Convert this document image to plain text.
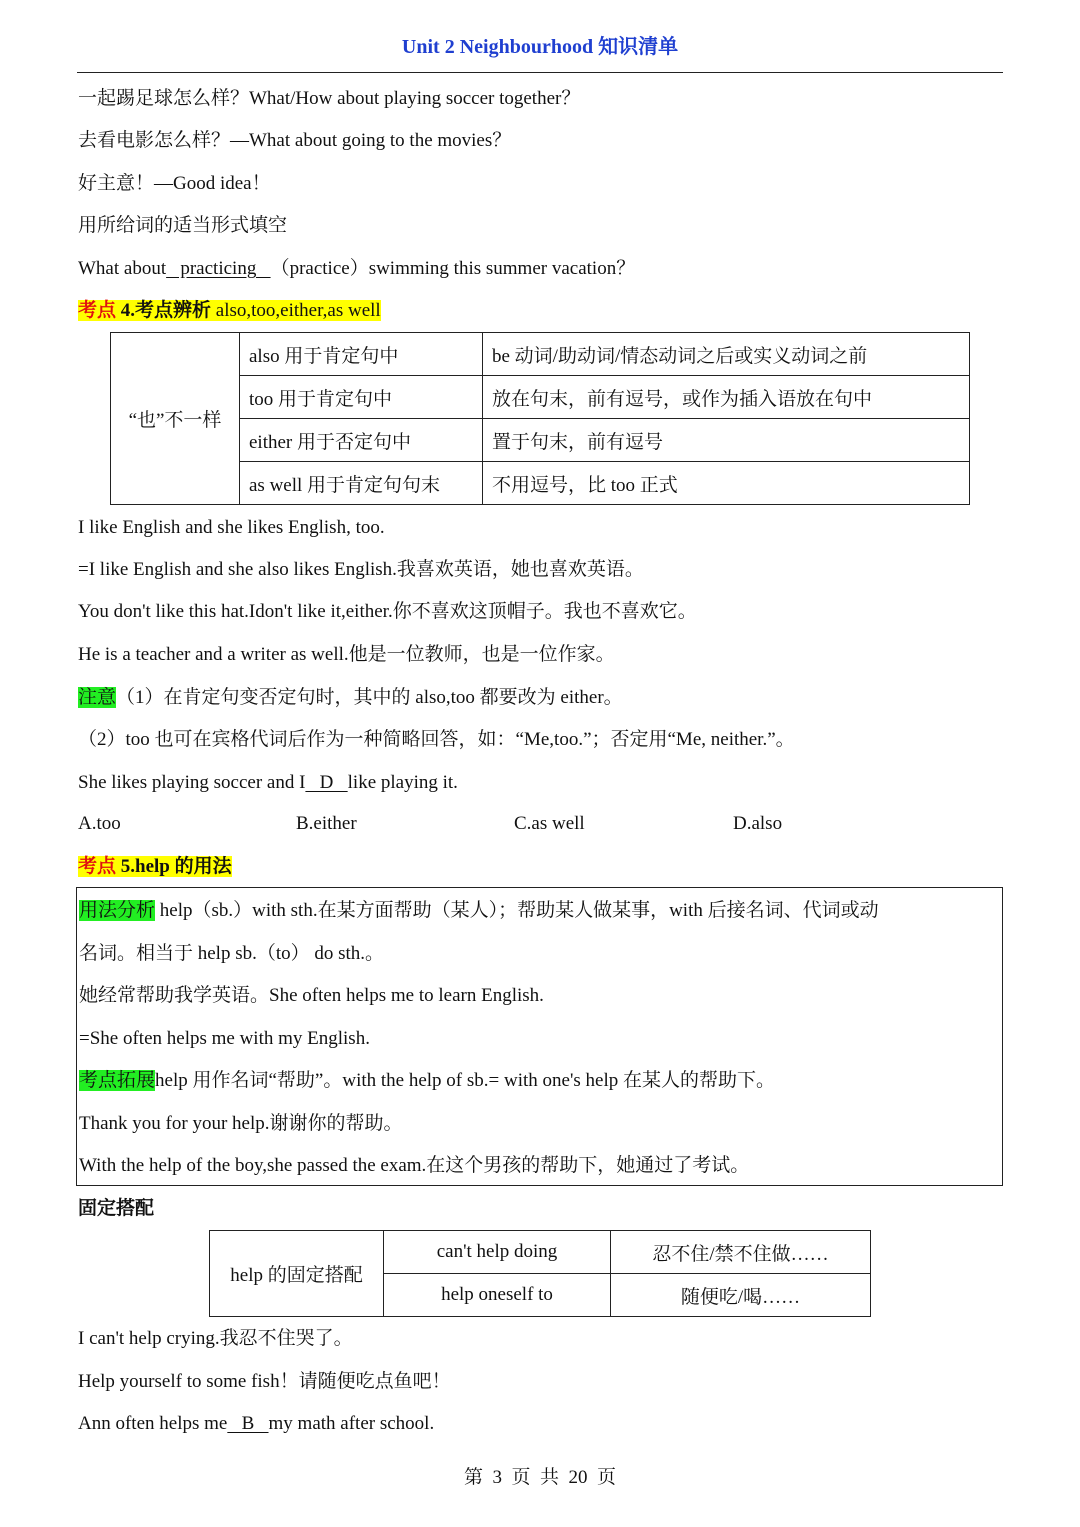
Unit 2 Neighbourhood 知识清单
一起踢足球怎么样？What/How about playing soccer together？
去看电影怎么样？—What about going to the movies？
好主意！—Good idea！
用所给词的适当形式填空
What about   practicing   （practice）swimming this summer vacation？
考点 4.考点辨析 also,too,either,as well
“也”不一样	also 用于肯定句中	be 动词/助动词/情态动词之后或实义动词之前
	too 用于肯定句中	放在句末，前有逗号，或作为插入语放在句中
	either 用于否定句中	置于句末，前有逗号
	as well 用于肯定句句末	不用逗号，比 too 正式
I like English and she likes English, too.
=I like English and she also likes English.我喜欢英语，她也喜欢英语。
You don't like this hat.Idon't like it,either.你不喜欢这顶帽子。我也不喜欢它。
He is a teacher and a writer as well.他是一位教师，也是一位作家。
注意（1）在肯定句变否定句时，其中的 also,too 都要改为 either。
（2）too 也可在宾格代词后作为一种简略回答，如：“Me,too.”；否定用“Me, neither.”。
She likes playing soccer and I   D   like playing it.
A.too	B.either	C.as well	D.also
考点 5.help 的用法
用法分析 help（sb.）with sth.在某方面帮助（某人）；帮助某人做某事，with 后接名词、代词或动
名词。相当于 help sb.（to） do sth.。
她经常帮助我学英语。She often helps me to learn English.
=She often helps me with my English.
考点拓展help 用作名词“帮助”。with the help of sb.= with one's help 在某人的帮助下。
Thank you for your help.谢谢你的帮助。
With the help of the boy,she passed the exam.在这个男孩的帮助下，她通过了考试。
固定搭配
help 的固定搭配	can't help doing	忍不住/禁不住做……
	help oneself to	随便吃/喝……
I can't help crying.我忍不住哭了。
Help yourself to some fish！请随便吃点鱼吧！
Ann often helps me   B   my math after school.
第  3  页  共  20  页
